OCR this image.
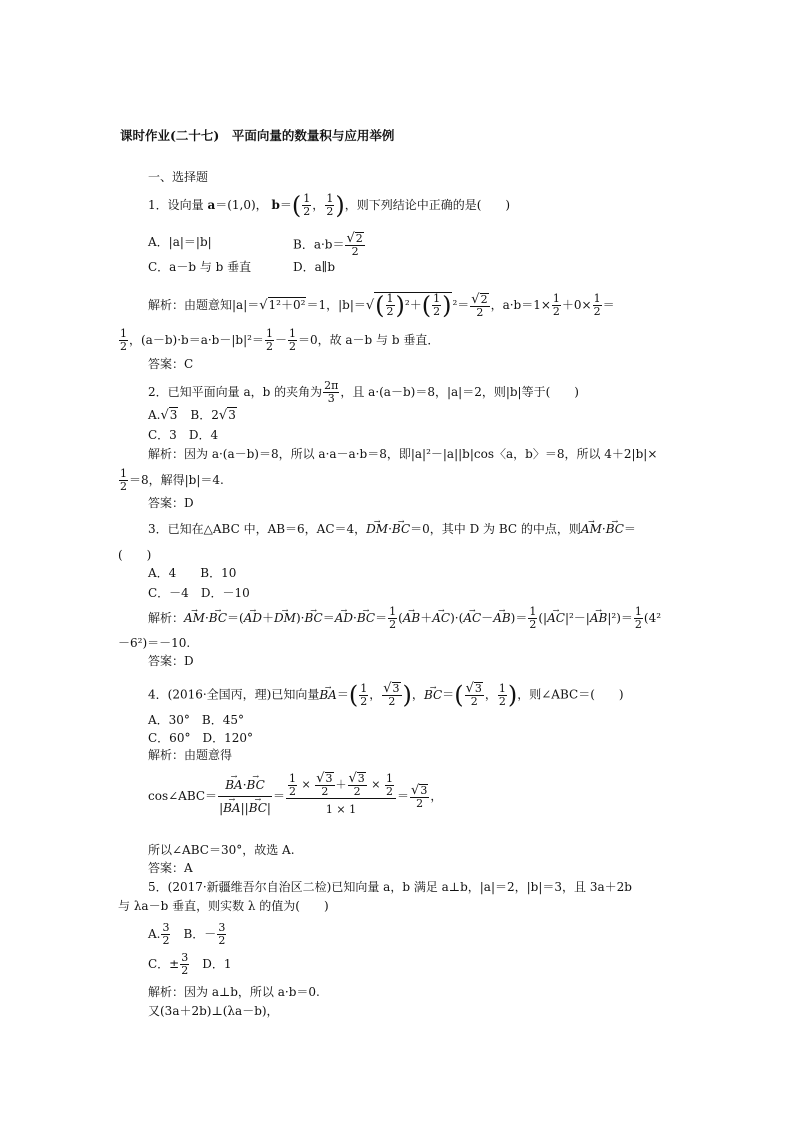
课时作业(二十七)　平面向量的数量积与应用举例
一、选择题
1．设向量 a＝(1,0)， $b=( \frac{1}{2}$ ， $\frac{1}{2}$ )，则下列结论中正确的是(　　)
A．|a|＝|b|	B．$a\cdot b= \frac{√2}{2}$
C．a－b 与 b 垂直	D．a∥b
解析：由题意知|a|＝√1²＋0²＝1，$|b|=√( \frac{1}{2} )^2+( \frac{1}{2} )^2= \frac{√2}{2}$ ，$a\cdot b=1\times \frac{1}{2} +0\times \frac{1}{2}$ ＝
$\frac{1}{2}$ ，$(a-b)\cdot b=a\cdot b-|b|^2= \frac{1}{2} - \frac{1}{2} =0$，故 a－b 与 b 垂直．
答案：C
2．已知平面向量 a，b 的夹角为 $\frac{2\pi}{3}$ ，且 a·(a－b)＝8，|a|＝2，则|b|等于(　　)
A.√3　B．2√3
C．3　D．4
解析：因为 a·(a－b)＝8，所以 a·a－a·b＝8，即|a|²－|a||b|cos〈a，b〉＝8，所以 4＋2|b|×
$\frac{1}{2} =8$，解得|b|＝4.
答案：D
3．已知在△ABC 中，AB＝6，AC＝4，→ DM·→ BC＝0，其中 D 为 BC 的中点，则→ AM·→ BC＝
(　　)
A．4　　B．10
C．－4　D．－10
解析：→ $AM\cdot\to BC=(\to AD+\to DM)\cdot\to BC=\to AD\cdot\to BC= \frac{1}{2}$ (→ $AB+\to AC)\cdot(\to AC-\to AB)= \frac{1}{2}$ (|→ $AC|^2-|\to AB|^2)= \frac{1}{2} (4^2$
－6²)＝－10.
答案：D
4．(2016·全国丙，理)已知向量→ $BA=( \frac{1}{2}$ ， $\frac{√3}{2}$ )，→ $BC=( \frac{√3}{2}$ ， $\frac{1}{2}$ )，则∠ABC＝(　　)
A．30°　B．45°
C．60°　D．120°
解析：由题意得
cos∠ABC＝
→ $\frac{BA\cdot\to BC}{|\to BA||\to BC|} = \frac{\frac{1}{2} \times \frac{√3}{2} + \frac{√3}{2} \times \frac{1}{2}}{1 \times 1} = \frac{√3}{2}$ ，
所以∠ABC＝30°，故选 A.
答案：A
5．(2017·新疆维吾尔自治区二检)已知向量 a，b 满足 a⊥b，|a|＝2，|b|＝3，且 3a＋2b
与 λa－b 垂直，则实数 λ 的值为(　　)
A. $\frac{3}{2}$ 　B．－ $\frac{3}{2}$
C．± $\frac{3}{2}$ 　D．1
解析：因为 a⊥b，所以 a·b＝0.
又(3a＋2b)⊥(λa－b)，
